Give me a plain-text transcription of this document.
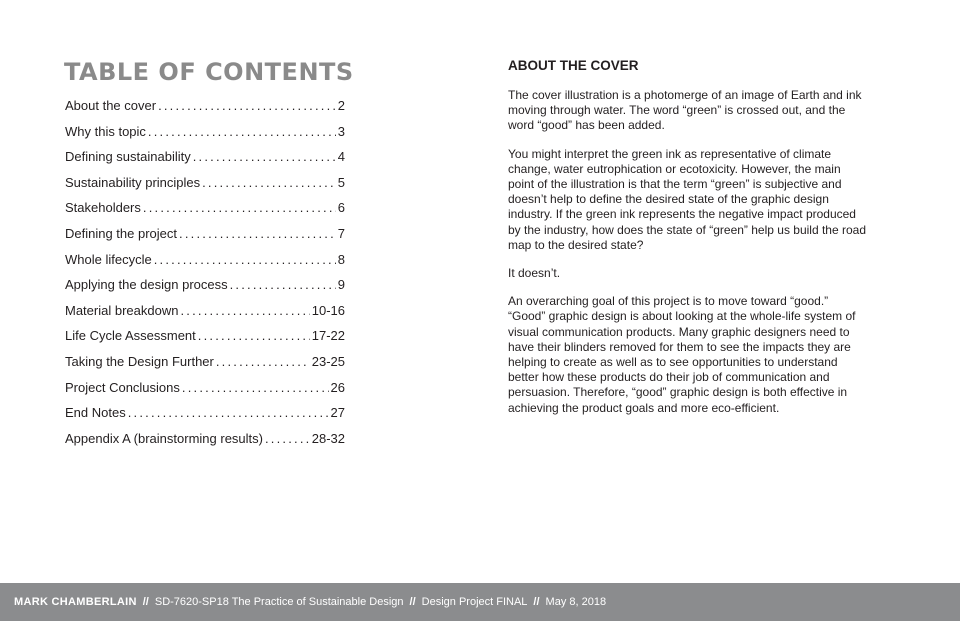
TABLE OF CONTENTS
About the cover .....	2
Why this topic .....	3
Defining sustainability .....	4
Sustainability principles .....	5
Stakeholders .....	6
Defining the project .....	7
Whole lifecycle .....	8
Applying the design process .....	9
Material breakdown .....	10-16
Life Cycle Assessment .....	17-22
Taking the Design Further .....	23-25
Project Conclusions .....	26
End Notes .....	27
Appendix A (brainstorming results) .....	28-32
ABOUT THE COVER

The cover illustration is a photomerge of an image of Earth and ink moving through water. The word “green” is crossed out, and the word “good” has been added.

You might interpret the green ink as representative of climate change, water eutrophication or ecotoxicity. However, the main point of the illustration is that the term “green” is subjective and doesn’t help to define the desired state of the graphic design industry. If the green ink represents the negative impact produced by the industry, how does the state of “green” help us build the road map to the desired state?

It doesn’t.

An overarching goal of this project is to move toward “good.” “Good” graphic design is about looking at the whole-life system of visual communication products. Many graphic designers need to have their blinders removed for them to see the impacts they are helping to create as well as to see opportunities to understand better how these products do their job of communication and persuasion. Therefore, “good” graphic design is both effective in achieving the product goals and more eco-efficient.

MARK CHAMBERLAIN // SD-7620-SP18 The Practice of Sustainable Design // Design Project FINAL // May 8, 2018
